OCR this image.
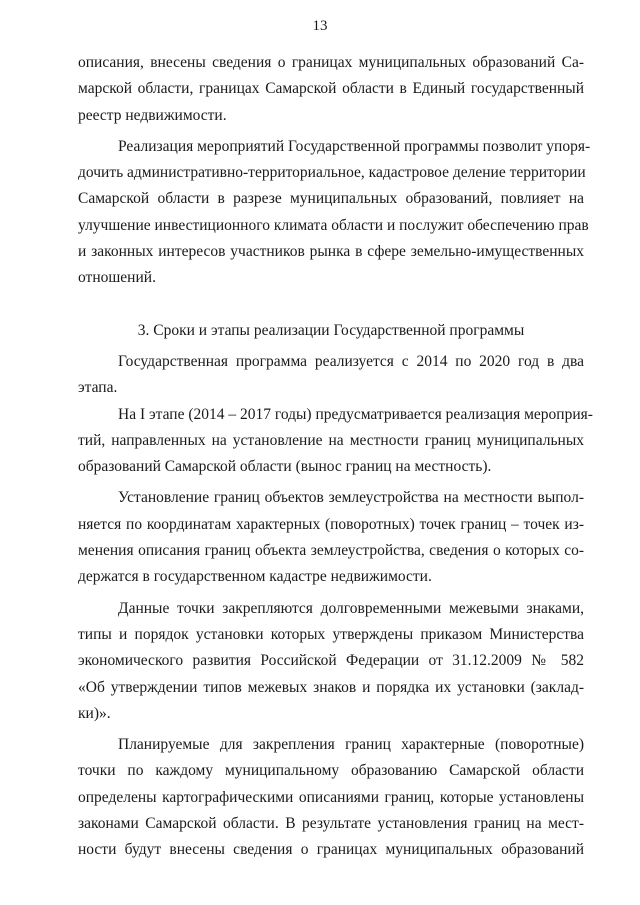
13
описания, внесены сведения о границах муниципальных образований Са-
марской области, границах Самарской области в Единый государственный
реестр недвижимости.
Реализация мероприятий Государственной программы позволит упоря-
дочить административно-территориальное, кадастровое деление территории
Самарской области в разрезе муниципальных образований, повлияет на
улучшение инвестиционного климата области и послужит обеспечению прав
и законных интересов участников рынка в сфере земельно-имущественных
отношений.
3. Сроки и этапы реализации Государственной программы
Государственная программа реализуется с 2014 по 2020 год в два
этапа.
На I этапе (2014 – 2017 годы) предусматривается реализация мероприя-
тий, направленных на установление на местности границ муниципальных
образований Самарской области (вынос границ на местность).
Установление границ объектов землеустройства на местности выпол-
няется по координатам характерных (поворотных) точек границ – точек из-
менения описания границ объекта землеустройства, сведения о которых со-
держатся в государственном кадастре недвижимости.
Данные точки закрепляются долговременными межевыми знаками,
типы и порядок установки которых утверждены приказом Министерства
экономического развития Российской Федерации от 31.12.2009 № 582
«Об утверждении типов межевых знаков и порядка их установки (заклад-
ки)».
Планируемые для закрепления границ характерные (поворотные)
точки по каждому муниципальному образованию Самарской области
определены картографическими описаниями границ, которые установлены
законами Самарской области. В результате установления границ на мест-
ности будут внесены сведения о границах муниципальных образований
